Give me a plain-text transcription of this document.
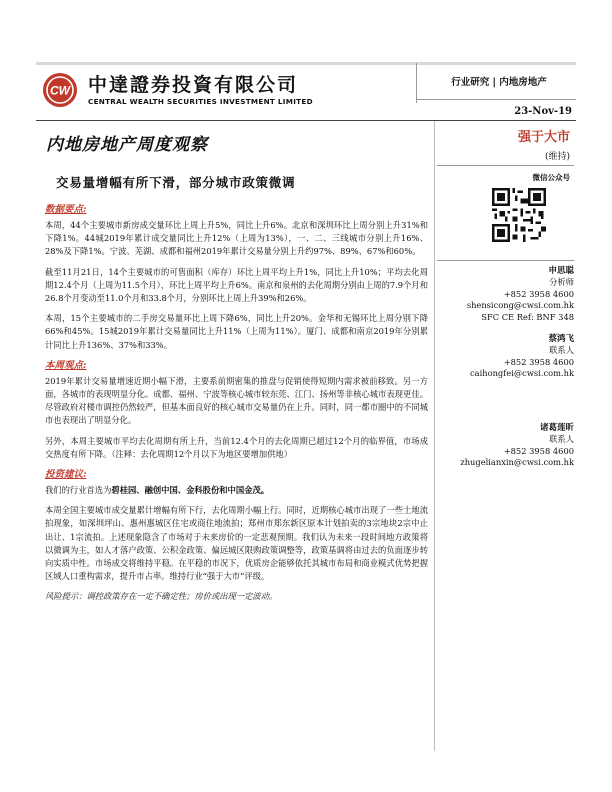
CW 中達證券投資有限公司
CENTRAL WEALTH SECURITIES INVESTMENT LIMITED
行业研究 | 内地房地产
23-Nov-19
内地房地产周度观察
交易量增幅有所下滑，部分城市政策微调
数据要点:

本周，44个主要城市新房成交量环比上周上升5%，同比上升6%。北京和深圳环比上周分别上升31%和下降1%。44城2019年累计成交量同比上升12%（上周为13%），一、二、三线城市分别上升16%、28%及下降1%。宁波、芜湖、成都和福州2019年累计交易量分别上升约97%、89%、67%和60%。

截至11月21日，14个主要城市的可售面积（库存）环比上周平均上升1%，同比上升10%；平均去化周期12.4个月（上周为11.5个月），环比上周平均上升6%。南京和泉州的去化周期分别由上周的7.9个月和26.8个月变动至11.0个月和33.8个月，分别环比上周上升39%和26%。

本周，15个主要城市的二手房交易量环比上周下降6%，同比上升20%。金华和无锡环比上周分别下降66%和45%。15城2019年累计交易量同比上升11%（上周为11%）。厦门、成都和南京2019年分别累计同比上升136%、37%和33%。

本周观点:

2019年累计交易量增速近期小幅下滑，主要系前期密集的推盘与促销使得短期内需求被前移致。另一方面，各城市的表现明显分化。成都、福州、宁波等核心城市较东莞、江门、扬州等非核心城市表现更佳。尽管政府对楼市调控仍然较严，但基本面良好的核心城市交易量仍在上升。同时，同一都市圈中的不同城市也表现出了明显分化。

另外，本周主要城市平均去化周期有所上升，当前12.4个月的去化周期已超过12个月的临界值，市场成交热度有所下降。（注释：去化周期12个月以下为地区要增加供地）

投资建议:

我们的行业首选为碧桂园、融创中国、金科股份和中国金茂。

本周全国主要城市成交量累计增幅有所下行，去化周期小幅上行。同时，近期核心城市出现了一些土地流拍现象，如深圳坪山、惠州惠城区住宅或商住地流拍；郑州市郑东新区原本计划拍卖的3宗地块2宗中止出让、1宗流拍。上述现象隐含了市场对于未来房价的一定悲观预期。我们认为未来一段时间地方政策将以微调为主，如人才落户政策、公积金政策、偏远城区限购政策调整等，政策基调将由过去的负面逐步转向实质中性。市场成交将维持平稳。在平稳的市况下，优质房企能够依托其城市布局和商业模式优势把握区域人口重构需求，提升市占率。维持行业“强于大市”评级。

风险提示：调控政策存在一定不确定性；房价或出现一定波动。

强于大市
(维持)
微信公众号
申思聪
分析师
+852 3958 4600
shensicong@cwsi.com.hk
SFC CE Ref: BNF 348
蔡鸿飞
联系人
+852 3958 4600
caihongfei@cwsi.com.hk
诸葛莲昕
联系人
+852 3958 4600
zhugelianxin@cwsi.com.hk
